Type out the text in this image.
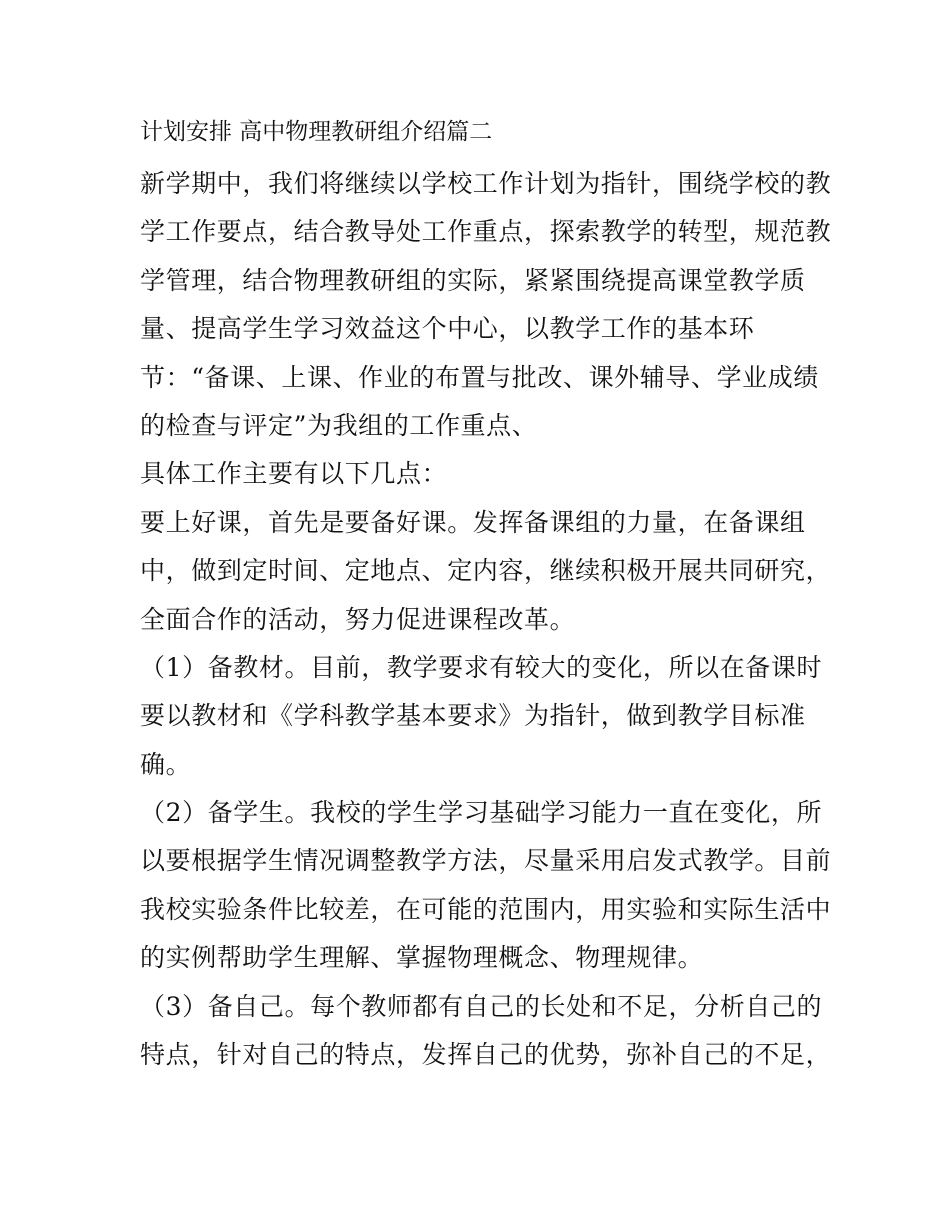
计划安排 高中物理教研组介绍篇二
新学期中，我们将继续以学校工作计划为指针，围绕学校的教
学工作要点，结合教导处工作重点，探索教学的转型，规范教
学管理，结合物理教研组的实际，紧紧围绕提高课堂教学质
量、提高学生学习效益这个中心，以教学工作的基本环
节：“备课、上课、作业的布置与批改、课外辅导、学业成绩
的检查与评定”为我组的工作重点、
具体工作主要有以下几点：
要上好课，首先是要备好课。发挥备课组的力量，在备课组
中，做到定时间、定地点、定内容，继续积极开展共同研究，
全面合作的活动，努力促进课程改革。
（1）备教材。目前，教学要求有较大的变化，所以在备课时
要以教材和《学科教学基本要求》为指针，做到教学目标准
确。
（2）备学生。我校的学生学习基础学习能力一直在变化，所
以要根据学生情况调整教学方法，尽量采用启发式教学。目前
我校实验条件比较差，在可能的范围内，用实验和实际生活中
的实例帮助学生理解、掌握物理概念、物理规律。
（3）备自己。每个教师都有自己的长处和不足，分析自己的
特点，针对自己的特点，发挥自己的优势，弥补自己的不足，
